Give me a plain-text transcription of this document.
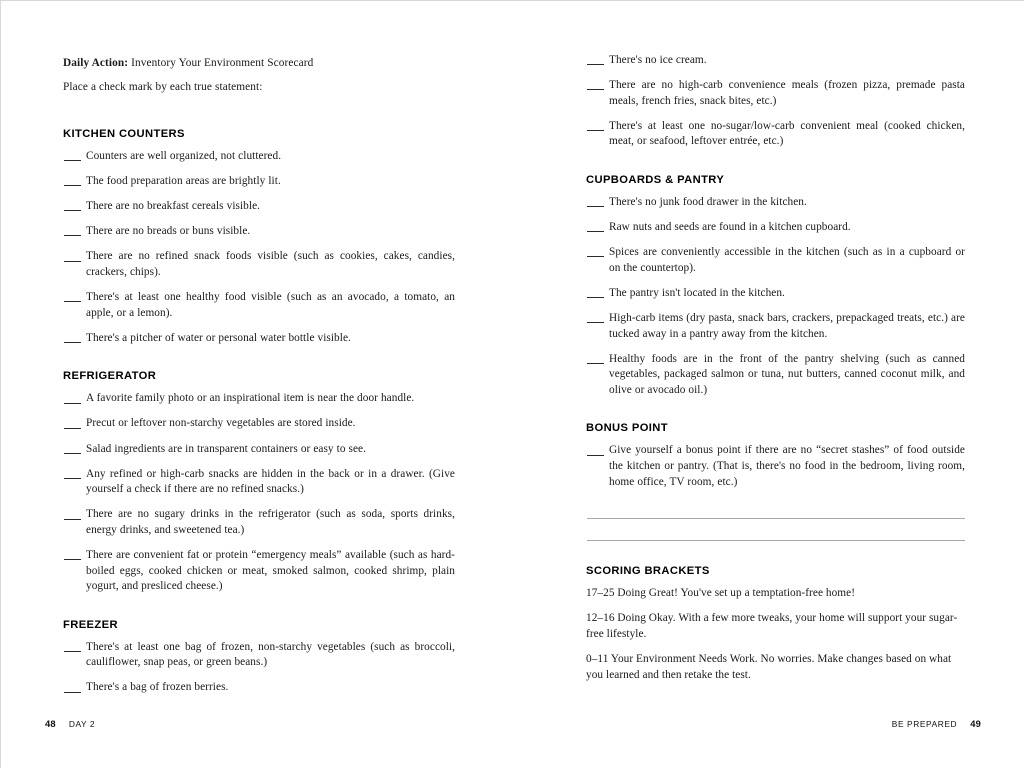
Daily Action: Inventory Your Environment Scorecard

Place a check mark by each true statement:

KITCHEN COUNTERS

Counters are well organized, not cluttered.

The food preparation areas are brightly lit.

There are no breakfast cereals visible.

There are no breads or buns visible.

There are no refined snack foods visible (such as cookies, cakes, candies, crackers, chips).

There's at least one healthy food visible (such as an avocado, a tomato, an apple, or a lemon).

There's a pitcher of water or personal water bottle visible.

REFRIGERATOR

A favorite family photo or an inspirational item is near the door handle.

Precut or leftover non-starchy vegetables are stored inside.

Salad ingredients are in transparent containers or easy to see.

Any refined or high-carb snacks are hidden in the back or in a drawer. (Give yourself a check if there are no refined snacks.)

There are no sugary drinks in the refrigerator (such as soda, sports drinks, energy drinks, and sweetened tea.)

There are convenient fat or protein “emergency meals” available (such as hard-boiled eggs, cooked chicken or meat, smoked salmon, cooked shrimp, plain yogurt, and presliced cheese.)

FREEZER

There's at least one bag of frozen, non-starchy vegetables (such as broccoli, cauliflower, snap peas, or green beans.)

There's a bag of frozen berries.

48 DAY 2

There's no ice cream.

There are no high-carb convenience meals (frozen pizza, premade pasta meals, french fries, snack bites, etc.)

There's at least one no-sugar/low-carb convenient meal (cooked chicken, meat, or seafood, leftover entrée, etc.)

CUPBOARDS & PANTRY

There's no junk food drawer in the kitchen.

Raw nuts and seeds are found in a kitchen cupboard.

Spices are conveniently accessible in the kitchen (such as in a cupboard or on the countertop).

The pantry isn't located in the kitchen.

High-carb items (dry pasta, snack bars, crackers, prepackaged treats, etc.) are tucked away in a pantry away from the kitchen.

Healthy foods are in the front of the pantry shelving (such as canned vegetables, packaged salmon or tuna, nut butters, canned coconut milk, and olive or avocado oil.)

BONUS POINT

Give yourself a bonus point if there are no “secret stashes” of food outside the kitchen or pantry. (That is, there's no food in the bedroom, living room, home office, TV room, etc.)

SCORING BRACKETS

17–25 Doing Great! You've set up a temptation-free home!

12–16 Doing Okay. With a few more tweaks, your home will support your sugar-free lifestyle.

0–11 Your Environment Needs Work. No worries. Make changes based on what you learned and then retake the test.

BE PREPARED 49
